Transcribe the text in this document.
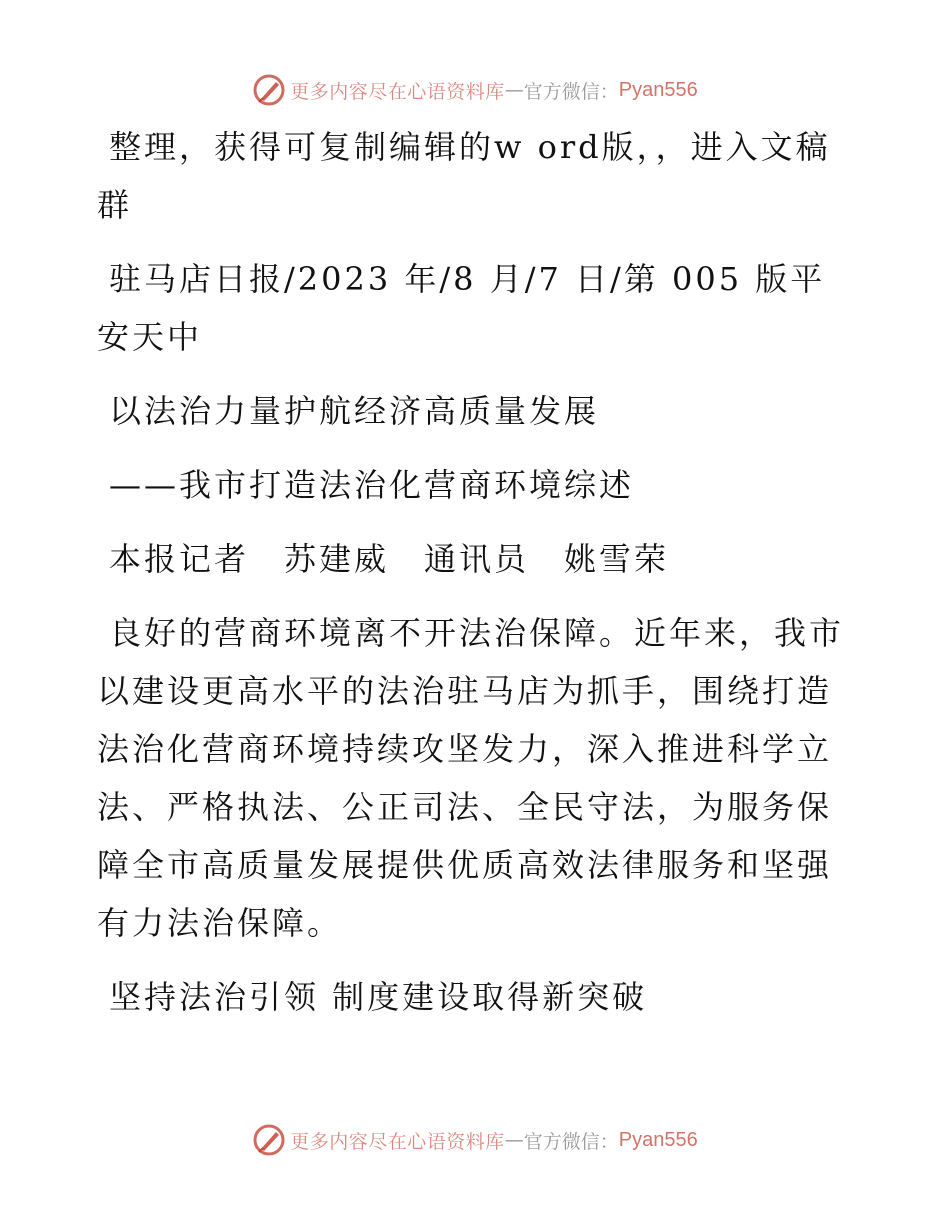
更多内容尽在心语资料库 — 官方微信： Pyan556

整理，获得可复制编辑的w ord版，，进入文稿群

驻马店日报/2023 年/8 月/7 日/第 005 版平安天中

以法治力量护航经济高质量发展

——我市打造法治化营商环境综述

本报记者　苏建威　通讯员　姚雪荣

良好的营商环境离不开法治保障。近年来，我市以建设更高水平的法治驻马店为抓手，围绕打造法治化营商环境持续攻坚发力，深入推进科学立法、严格执法、公正司法、全民守法，为服务保障全市高质量发展提供优质高效法律服务和坚强有力法治保障。

坚持法治引领 制度建设取得新突破

更多内容尽在心语资料库 — 官方微信： Pyan556
